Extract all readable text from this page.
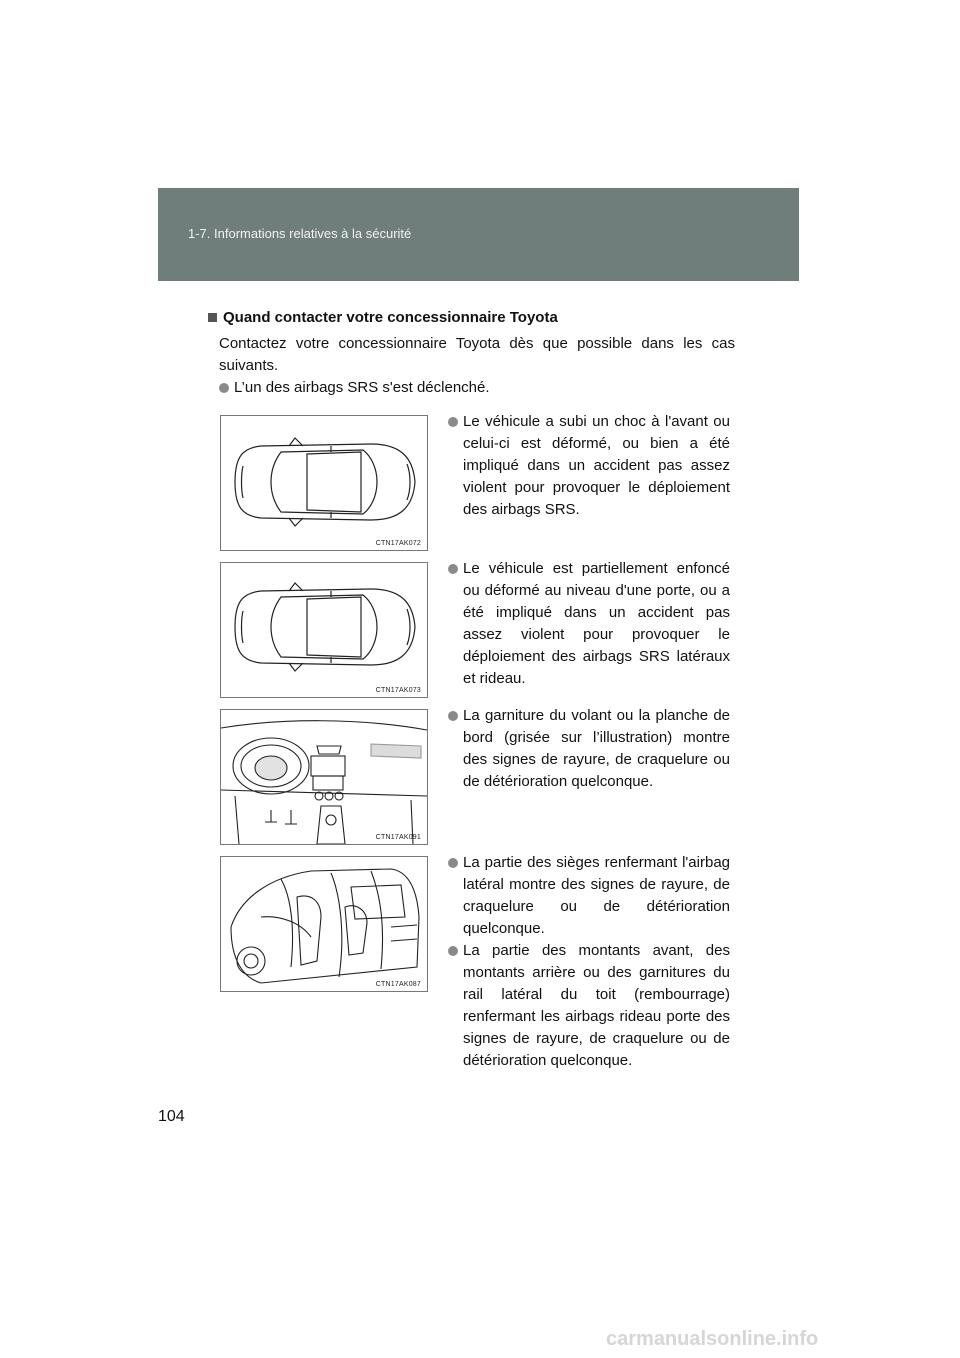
1-7. Informations relatives à la sécurité
Quand contacter votre concessionnaire Toyota
Contactez votre concessionnaire Toyota dès que possible dans les cas suivants.
L’un des airbags SRS s'est déclenché.
CTN17AK072
Le véhicule a subi un choc à l'avant ou celui-ci est déformé, ou bien a été impliqué dans un accident pas assez violent pour provoquer le déploiement des airbags SRS.
CTN17AK073
Le véhicule est partiellement enfoncé ou déformé au niveau d'une porte, ou a été impliqué dans un accident pas assez violent pour provoquer le déploiement des airbags SRS latéraux et rideau.
CTN17AK091
La garniture du volant ou la planche de bord (grisée sur l’illustration) montre des signes de rayure, de craquelure ou de détérioration quelconque.
CTN17AK087
La partie des sièges renfermant l'airbag latéral montre des signes de rayure, de craquelure ou de détérioration quelconque.
La partie des montants avant, des montants arrière ou des garnitures du rail latéral du toit (rembourrage) renfermant les airbags rideau porte des signes de rayure, de craquelure ou de détérioration quelconque.
104
carmanualsonline.info
